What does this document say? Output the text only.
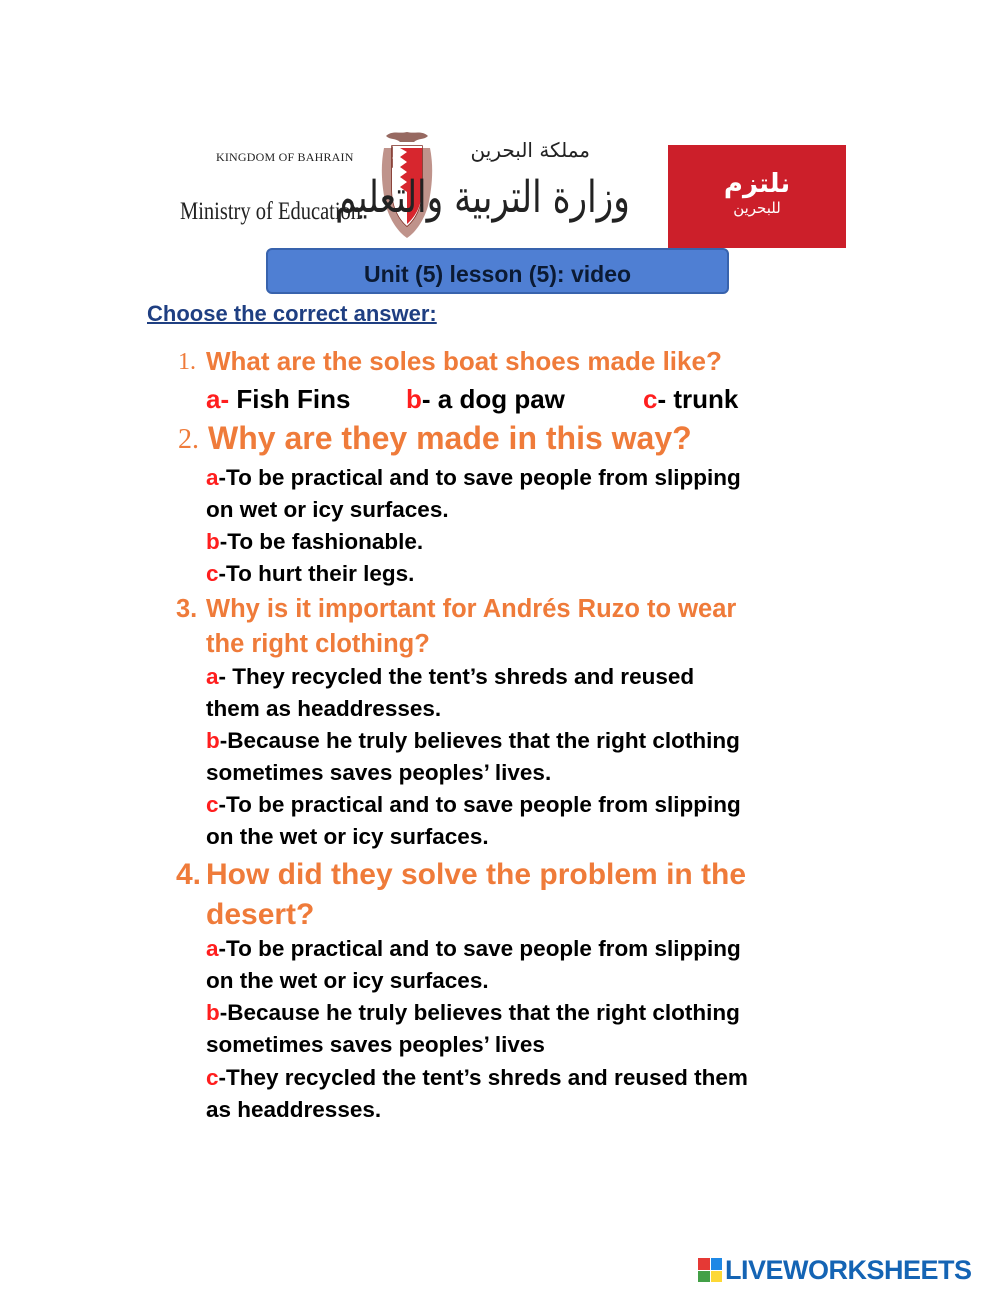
KINGDOM OF BAHRAIN
Ministry of Education
مملكة البحرين
وزارة التربية والتعليم	نلتزم
للبحرين
Unit (5) lesson (5): video
Choose the correct answer:
1. What are the soles boat shoes made like?
a- Fish Fins b- a dog paw	c- trunk
2. Why are they made in this way?
a-To be practical and to save people from slipping
on wet or icy surfaces.
b-To be fashionable.
c-To hurt their legs.
3. Why is it important for Andrés Ruzo to wear
the right clothing?
a- They recycled the tent’s shreds and reused
them as headdresses.
b-Because he truly believes that the right clothing
sometimes saves peoples’ lives.
c-To be practical and to save people from slipping
on the wet or icy surfaces.
4. How did they solve the problem in the
desert?
a-To be practical and to save people from slipping
on the wet or icy surfaces.
b-Because he truly believes that the right clothing
sometimes saves peoples’ lives
c-They recycled the tent’s shreds and reused them
as headdresses.
LIVEWORKSHEETS
